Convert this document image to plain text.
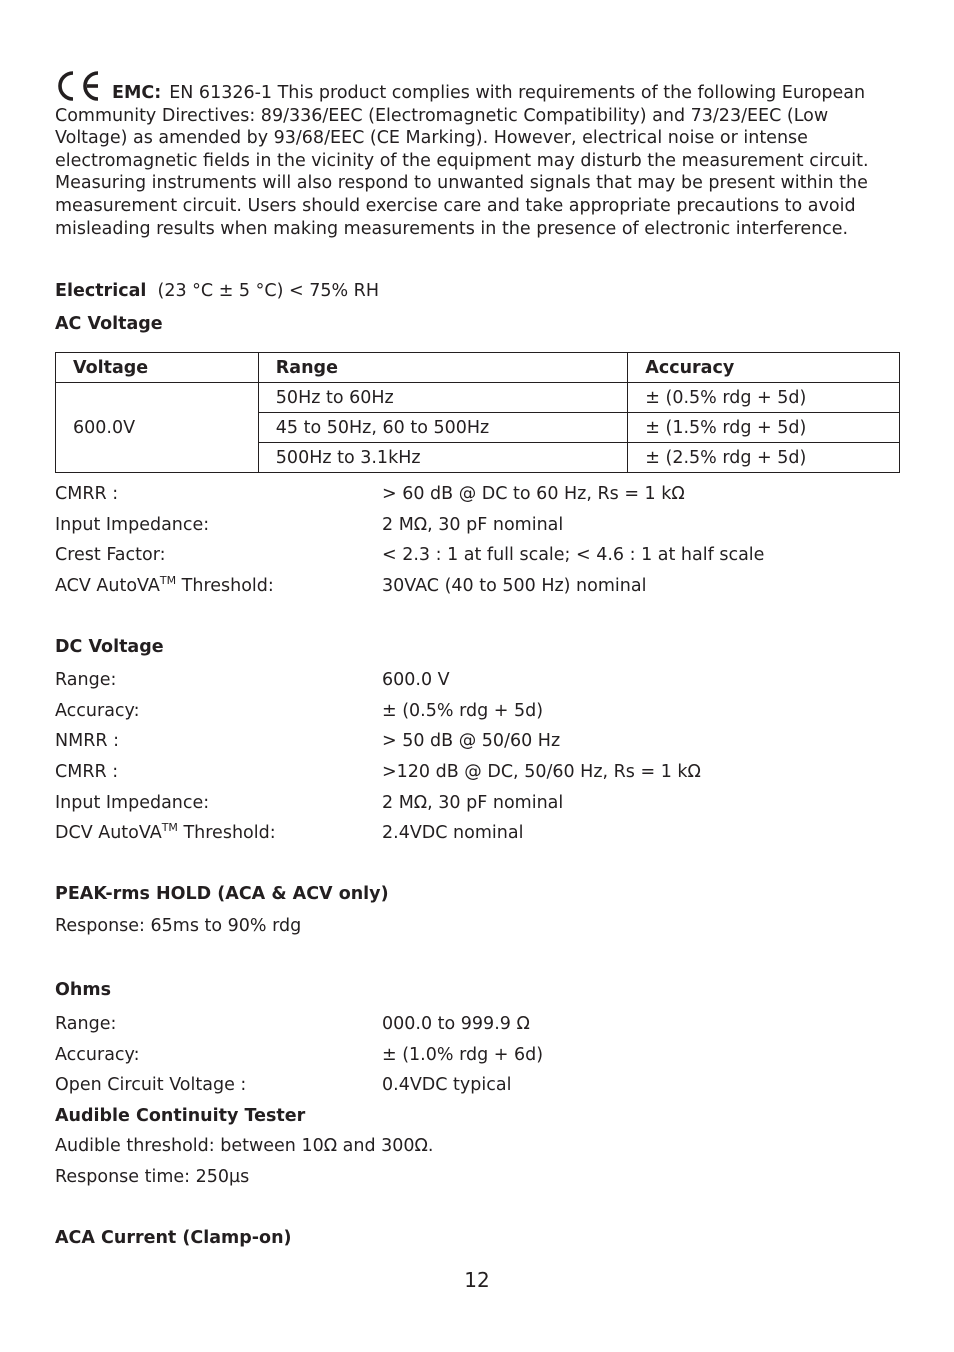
EMC: EN 61326-1 This product complies with requirements of the following European Community Directives: 89/336/EEC (Electromagnetic Compatibility) and 73/23/EEC (Low Voltage) as amended by 93/68/EEC (CE Marking). However, electrical noise or intense electromagnetic fields in the vicinity of the equipment may disturb the measurement circuit. Measuring instruments will also respond to unwanted signals that may be present within the measurement circuit. Users should exercise care and take appropriate precautions to avoid misleading results when making measurements in the presence of electronic interference.
Electrical (23 °C ± 5 °C) < 75% RH
AC Voltage
Voltage	Range	Accuracy
600.0V	50Hz to 60Hz	± (0.5% rdg + 5d)
	45 to 50Hz, 60 to 500Hz	± (1.5% rdg + 5d)
	500Hz to 3.1kHz	± (2.5% rdg + 5d)
CMRR :	> 60 dB @ DC to 60 Hz, Rs = 1 kΩ
Input Impedance:	2 MΩ, 30 pF nominal
Crest Factor:	< 2.3 : 1 at full scale; < 4.6 : 1 at half scale
ACV AutoVA™ Threshold:	30VAC (40 to 500 Hz) nominal
DC Voltage
Range:	600.0 V
Accuracy:	± (0.5% rdg + 5d)
NMRR :	> 50 dB @ 50/60 Hz
CMRR :	>120 dB @ DC, 50/60 Hz, Rs = 1 kΩ
Input Impedance:	2 MΩ, 30 pF nominal
DCV AutoVA™ Threshold:	2.4VDC nominal
PEAK-rms HOLD (ACA & ACV only)
Response: 65ms to 90% rdg
Ohms
Range:	000.0 to 999.9 Ω
Accuracy:	± (1.0% rdg + 6d)
Open Circuit Voltage :	0.4VDC typical
Audible Continuity Tester
Audible threshold: between 10Ω and 300Ω.
Response time: 250µs
ACA Current (Clamp-on)
12
